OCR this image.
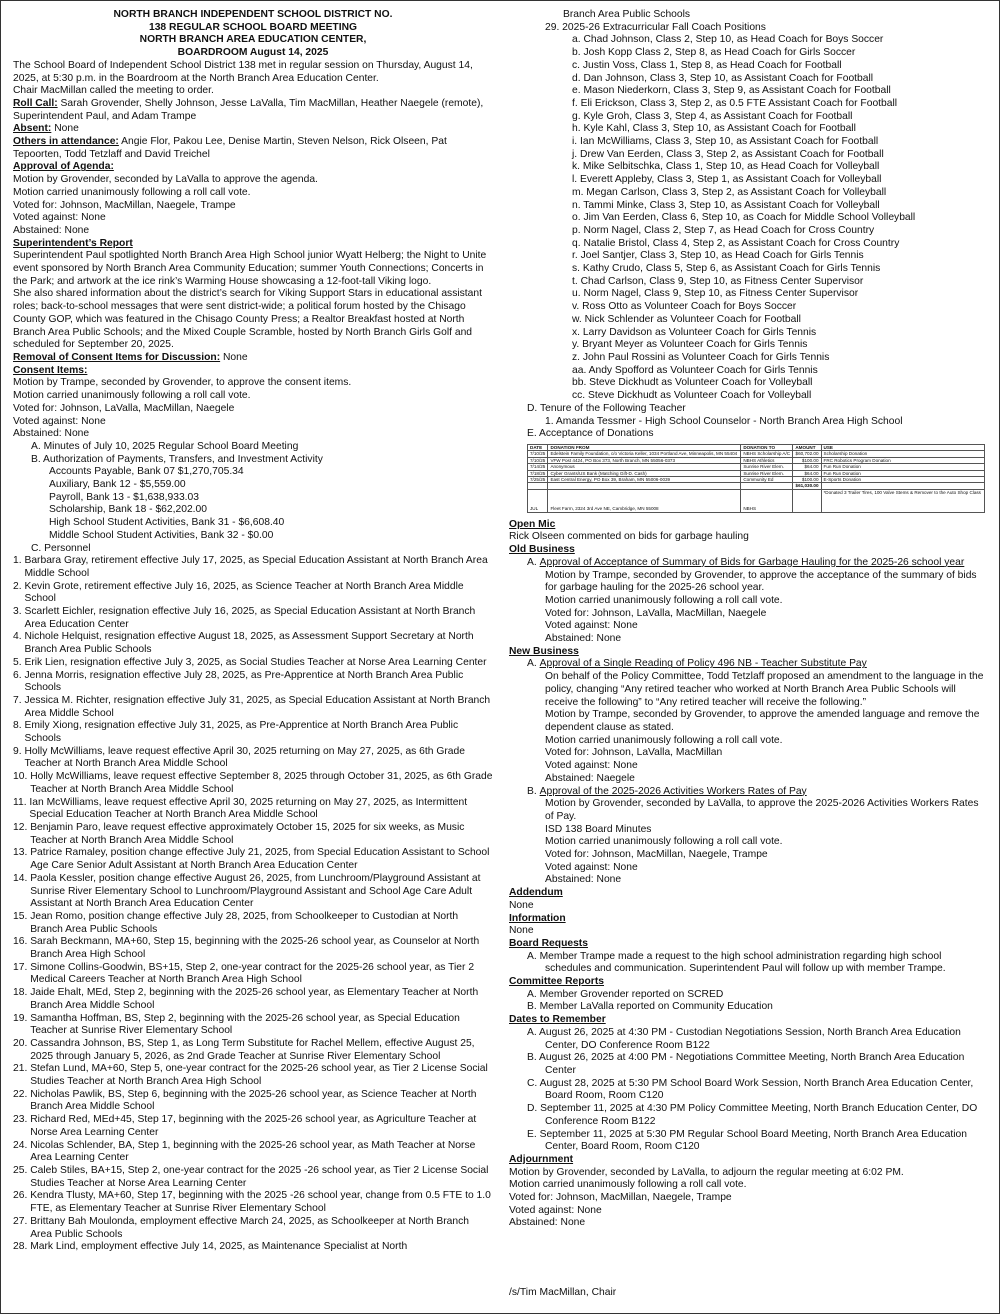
NORTH BRANCH INDEPENDENT SCHOOL DISTRICT NO.
138 REGULAR SCHOOL BOARD MEETING
NORTH BRANCH AREA EDUCATION CENTER,
BOARDROOM August 14, 2025
The School Board of Independent School District 138 met in regular session on Thursday, August 14, 2025, at 5:30 p.m. in the Boardroom at the North Branch Area Education Center.
Chair MacMillan called the meeting to order.
Roll Call: Sarah Grovender, Shelly Johnson, Jesse LaValla, Tim MacMillan, Heather Naegele (remote), Superintendent Paul, and Adam Trampe
Absent: None
Others in attendance: Angie Flor, Pakou Lee, Denise Martin, Steven Nelson, Rick Olseen, Pat Tepoorten, Todd Tetzlaff and David Treichel
Approval of Agenda:
Motion by Grovender, seconded by LaValla to approve the agenda.
Motion carried unanimously following a roll call vote.
Voted for: Johnson, MacMillan, Naegele, Trampe
Voted against: None
Abstained: None
Superintendent’s Report
Superintendent Paul spotlighted North Branch Area High School junior Wyatt Helberg; the Night to Unite event sponsored by North Branch Area Community Education; summer Youth Connections; Concerts in the Park; and artwork at the ice rink’s Warming House showcasing a 12-foot-tall Viking logo.
She also shared information about the district’s search for Viking Support Stars in educational assistant roles; back-to-school messages that were sent district-wide; a political forum hosted by the Chisago County GOP, which was featured in the Chisago County Press; a Realtor Breakfast hosted at North Branch Area Public Schools; and the Mixed Couple Scramble, hosted by North Branch Girls Golf and scheduled for September 20, 2025.
Removal of Consent Items for Discussion: None
Consent Items:
Motion by Trampe, seconded by Grovender, to approve the consent items.
Motion carried unanimously following a roll call vote.
Voted for: Johnson, LaValla, MacMillan, Naegele
Voted against: None
Abstained: None
A. Minutes of July 10, 2025 Regular School Board Meeting
B. Authorization of Payments, Transfers, and Investment Activity
Accounts Payable, Bank 07 $1,270,705.34
Auxiliary, Bank 12 - $5,559.00
Payroll, Bank 13 - $1,638,933.03
Scholarship, Bank 18 - $62,202.00
High School Student Activities, Bank 31 - $6,608.40
Middle School Student Activities, Bank 32 - $0.00
C. Personnel
1. Barbara Gray, retirement effective July 17, 2025, as Special Education Assistant at North Branch Area Middle School
2. Kevin Grote, retirement effective July 16, 2025, as Science Teacher at North Branch Area Middle School
3. Scarlett Eichler, resignation effective July 16, 2025, as Special Education Assistant at North Branch Area Education Center
4. Nichole Helquist, resignation effective August 18, 2025, as Assessment Support Secretary at North Branch Area Public Schools
5. Erik Lien, resignation effective July 3, 2025, as Social Studies Teacher at Norse Area Learning Center
6. Jenna Morris, resignation effective July 28, 2025, as Pre-Apprentice at North Branch Area Public Schools
7. Jessica M. Richter, resignation effective July 31, 2025, as Special Education Assistant at North Branch Area Middle School
8. Emily Xiong, resignation effective July 31, 2025, as Pre-Apprentice at North Branch Area Public Schools
9. Holly McWilliams, leave request effective April 30, 2025 returning on May 27, 2025, as 6th Grade Teacher at North Branch Area Middle School
10. Holly McWilliams, leave request effective September 8, 2025 through October 31, 2025, as 6th Grade Teacher at North Branch Area Middle School
11. Ian McWilliams, leave request effective April 30, 2025 returning on May 27, 2025, as Intermittent Special Education Teacher at North Branch Area Middle School
12. Benjamin Paro, leave request effective approximately October 15, 2025 for six weeks, as Music Teacher at North Branch Area Middle School
13. Patrice Ramaley, position change effective July 21, 2025, from Special Education Assistant to School Age Care Senior Adult Assistant at North Branch Area Education Center
14. Paola Kessler, position change effective August 26, 2025, from Lunchroom/Playground Assistant at Sunrise River Elementary School to Lunchroom/Playground Assistant and School Age Care Adult Assistant at North Branch Area Education Center
15. Jean Romo, position change effective July 28, 2025, from Schoolkeeper to Custodian at North Branch Area Public Schools
16. Sarah Beckmann, MA+60, Step 15, beginning with the 2025-26 school year, as Counselor at North Branch Area High School
17. Simone Collins-Goodwin, BS+15, Step 2, one-year contract for the 2025-26 school year, as Tier 2 Medical Careers Teacher at North Branch Area High School
18. Jaide Ehalt, MEd, Step 2, beginning with the 2025-26 school year, as Elementary Teacher at North Branch Area Middle School
19. Samantha Hoffman, BS, Step 2, beginning with the 2025-26 school year, as Special Education Teacher at Sunrise River Elementary School
20. Cassandra Johnson, BS, Step 1, as Long Term Substitute for Rachel Mellem, effective August 25, 2025 through January 5, 2026, as 2nd Grade Teacher at Sunrise River Elementary School
21. Stefan Lund, MA+60, Step 5, one-year contract for the 2025-26 school year, as Tier 2 License Social Studies Teacher at North Branch Area High School
22. Nicholas Pawlik, BS, Step 6, beginning with the 2025-26 school year, as Science Teacher at North Branch Area Middle School
23. Richard Red, MEd+45, Step 17, beginning with the 2025-26 school year, as Agriculture Teacher at Norse Area Learning Center
24. Nicolas Schlender, BA, Step 1, beginning with the 2025-26 school year, as Math Teacher at Norse Area Learning Center
25. Caleb Stiles, BA+15, Step 2, one-year contract for the 2025 -26 school year, as Tier 2 License Social Studies Teacher at Norse Area Learning Center
26. Kendra Tlusty, MA+60, Step 17, beginning with the 2025 -26 school year, change from 0.5 FTE to 1.0 FTE, as Elementary Teacher at Sunrise River Elementary School
27. Brittany Bah Moulonda, employment effective March 24, 2025, as Schoolkeeper at North Branch Area Public Schools
28. Mark Lind, employment effective July 14, 2025, as Maintenance Specialist at North
Branch Area Public Schools
29. 2025-26 Extracurricular Fall Coach Positions
a. Chad Johnson, Class 2, Step 10, as Head Coach for Boys Soccer
b. Josh Kopp Class 2, Step 8, as Head Coach for Girls Soccer
c. Justin Voss, Class 1, Step 8, as Head Coach for Football
d. Dan Johnson, Class 3, Step 10, as Assistant Coach for Football
e. Mason Niederkorn, Class 3, Step 9, as Assistant Coach for Football
f. Eli Erickson, Class 3, Step 2, as 0.5 FTE Assistant Coach for Football
g. Kyle Groh, Class 3, Step 4, as Assistant Coach for Football
h. Kyle Kahl, Class 3, Step 10, as Assistant Coach for Football
i. Ian McWilliams, Class 3, Step 10, as Assistant Coach for Football
j. Drew Van Eerden, Class 3, Step 2, as Assistant Coach for Football
k. Mike Selbitschka, Class 1, Step 10, as Head Coach for Volleyball
l. Everett Appleby, Class 3, Step 1, as Assistant Coach for Volleyball
m. Megan Carlson, Class 3, Step 2, as Assistant Coach for Volleyball
n. Tammi Minke, Class 3, Step 10, as Assistant Coach for Volleyball
o. Jim Van Eerden, Class 6, Step 10, as Coach for Middle School Volleyball
p. Norm Nagel, Class 2, Step 7, as Head Coach for Cross Country
q. Natalie Bristol, Class 4, Step 2, as Assistant Coach for Cross Country
r. Joel Santjer, Class 3, Step 10, as Head Coach for Girls Tennis
s. Kathy Crudo, Class 5, Step 6, as Assistant Coach for Girls Tennis
t. Chad Carlson, Class 9, Step 10, as Fitness Center Supervisor
u. Norm Nagel, Class 9, Step 10, as Fitness Center Supervisor
v. Ross Otto as Volunteer Coach for Boys Soccer
w. Nick Schlender as Volunteer Coach for Football
x. Larry Davidson as Volunteer Coach for Girls Tennis
y. Bryant Meyer as Volunteer Coach for Girls Tennis
z. John Paul Rossini as Volunteer Coach for Girls Tennis
aa. Andy Spofford as Volunteer Coach for Girls Tennis
bb. Steve Dickhudt as Volunteer Coach for Volleyball
cc. Steve Dickhudt as Volunteer Coach for Volleyball
D. Tenure of the Following Teacher
1. Amanda Tessmer - High School Counselor - North Branch Area High School
E. Acceptance of Donations
DATE	DONATION FROM	DONATION TO	AMOUNT	USE
7/10/25	Edelstein Family Foundation, c/o Victoria Keller, 1034 Portland Ave, Minneapolis, MN 55404	NBHS Scholarship A/C	$60,702.00	Scholarship Donation
7/10/25	VFW Post 4424, PO Box 373, North Branch, MN 55056-0373	NBHS Athletics	$100.00	FRC Robotics Program Donation
7/14/25	Anonymous	Sunrise River Elem.	$64.00	Fun Run Donation
7/18/25	Cyber Grants/US Bank (Matching Gift-D. Cash)	Sunrise River Elem.	$64.00	Fun Run Donation
7/25/25	East Central Energy, PO Box 39, Braham, MN 55006-0039	Community Ed	$100.00	E-Sports Donation
			$61,030.00	
JUL	Fleet Farm, 2324 3rd Ave NE, Cambridge, MN 55008	NBHS		*Donated 3 Trailer Tires, 100 Valve Stems & Remover to the Auto Shop Class
Open Mic
Rick Olseen commented on bids for garbage hauling
Old Business
A. Approval of Acceptance of Summary of Bids for Garbage Hauling for the 2025-26 school year
Motion by Trampe, seconded by Grovender, to approve the acceptance of the summary of bids for garbage hauling for the 2025-26 school year.
Motion carried unanimously following a roll call vote.
Voted for: Johnson, LaValla, MacMillan, Naegele
Voted against: None
Abstained: None
New Business
A. Approval of a Single Reading of Policy 496 NB - Teacher Substitute Pay
On behalf of the Policy Committee, Todd Tetzlaff proposed an amendment to the language in the policy, changing “Any retired teacher who worked at North Branch Area Public Schools will receive the following” to “Any retired teacher will receive the following.”
Motion by Trampe, seconded by Grovender, to approve the amended language and remove the dependent clause as stated.
Motion carried unanimously following a roll call vote.
Voted for: Johnson, LaValla, MacMillan
Voted against: None
Abstained: Naegele
B. Approval of the 2025-2026 Activities Workers Rates of Pay
Motion by Grovender, seconded by LaValla, to approve the 2025-2026 Activities Workers Rates of Pay.
ISD 138 Board Minutes
Motion carried unanimously following a roll call vote.
Voted for: Johnson, MacMillan, Naegele, Trampe
Voted against: None
Abstained: None
Addendum
None
Information
None
Board Requests
A. Member Trampe made a request to the high school administration regarding high school schedules and communication. Superintendent Paul will follow up with member Trampe.
Committee Reports
A. Member Grovender reported on SCRED
B. Member LaValla reported on Community Education
Dates to Remember
A. August 26, 2025 at 4:30 PM - Custodian Negotiations Session, North Branch Area Education Center, DO Conference Room B122
B. August 26, 2025 at 4:00 PM - Negotiations Committee Meeting, North Branch Area Education Center
C. August 28, 2025 at 5:30 PM School Board Work Session, North Branch Area Education Center, Board Room, Room C120
D. September 11, 2025 at 4:30 PM Policy Committee Meeting, North Branch Education Center, DO Conference Room B122
E. September 11, 2025 at 5:30 PM Regular School Board Meeting, North Branch Area Education Center, Board Room, Room C120
Adjournment
Motion by Grovender, seconded by LaValla, to adjourn the regular meeting at 6:02 PM.
Motion carried unanimously following a roll call vote.
Voted for: Johnson, MacMillan, Naegele, Trampe
Voted against: None
Abstained: None
/s/Tim MacMillan, Chair
